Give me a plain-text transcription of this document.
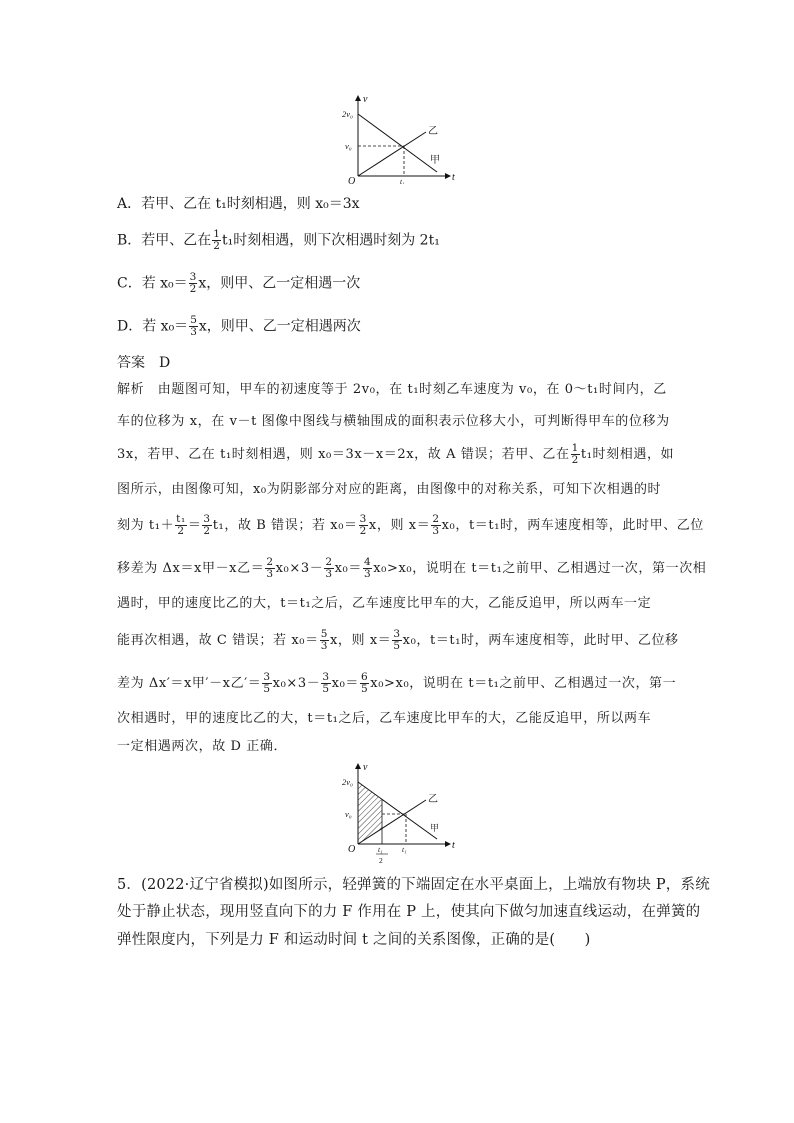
v
t
O
2v₀
v₀
t₁
乙
甲
A．若甲、乙在 t₁时刻相遇，则 x₀＝3x
B．若甲、乙在 $\frac{1}{2} t_1$时刻相遇，则下次相遇时刻为 2t₁
C．若 $x_0= \frac{3}{2}$ x，则甲、乙一定相遇一次
D．若 $x_0= \frac{5}{3}$ x，则甲、乙一定相遇两次
答案　D
解析　由题图可知，甲车的初速度等于 2v₀，在 t₁时刻乙车速度为 v₀，在 0～t₁时间内，乙
车的位移为 x，在 v－t 图像中图线与横轴围成的面积表示位移大小，可判断得甲车的位移为
3x，若甲、乙在 t₁时刻相遇，则 x₀＝3x－x＝2x，故 A 错误；若甲、乙在 $\frac{1}{2} t_1$时刻相遇，如
图所示，由图像可知，x₀为阴影部分对应的距离，由图像中的对称关系，可知下次相遇的时
刻为 $t_1+ \frac{\text{t₁}}{2} = \frac{3}{2} t_1$，故 B 错误；若 $x_0= \frac{3}{2}$ x，则 $x= \frac{2}{3} x_0$，t＝t₁时，两车速度相等，此时甲、乙位
移差为 Δx＝x甲－x乙＝ $\frac{2}{3} x_0\times 3- \frac{2}{3} x_0= \frac{4}{3} x_0>x_0$，说明在 t＝t₁之前甲、乙相遇过一次，第一次相
遇时，甲的速度比乙的大，t＝t₁之后，乙车速度比甲车的大，乙能反追甲，所以两车一定
能再次相遇，故 C 错误；若 $x_0= \frac{5}{3}$ x，则 $x= \frac{3}{5} x_0$，t＝t₁时，两车速度相等，此时甲、乙位移
差为 Δx′＝x甲′－x乙′＝ $\frac{3}{5} x_0\times 3- \frac{3}{5} x_0= \frac{6}{5} x_0>x_0$，说明在 t＝t₁之前甲、乙相遇过一次，第一
次相遇时，甲的速度比乙的大，t＝t₁之后，乙车速度比甲车的大，乙能反追甲，所以两车
一定相遇两次，故 D 正确．
v
t
O
2v₀
v₀
t₁
t₁
2
乙
甲
5．(2022·辽宁省模拟)如图所示，轻弹簧的下端固定在水平桌面上，上端放有物块 P，系统
处于静止状态，现用竖直向下的力 F 作用在 P 上，使其向下做匀加速直线运动，在弹簧的
弹性限度内，下列是力 F 和运动时间 t 之间的关系图像，正确的是(　　)
